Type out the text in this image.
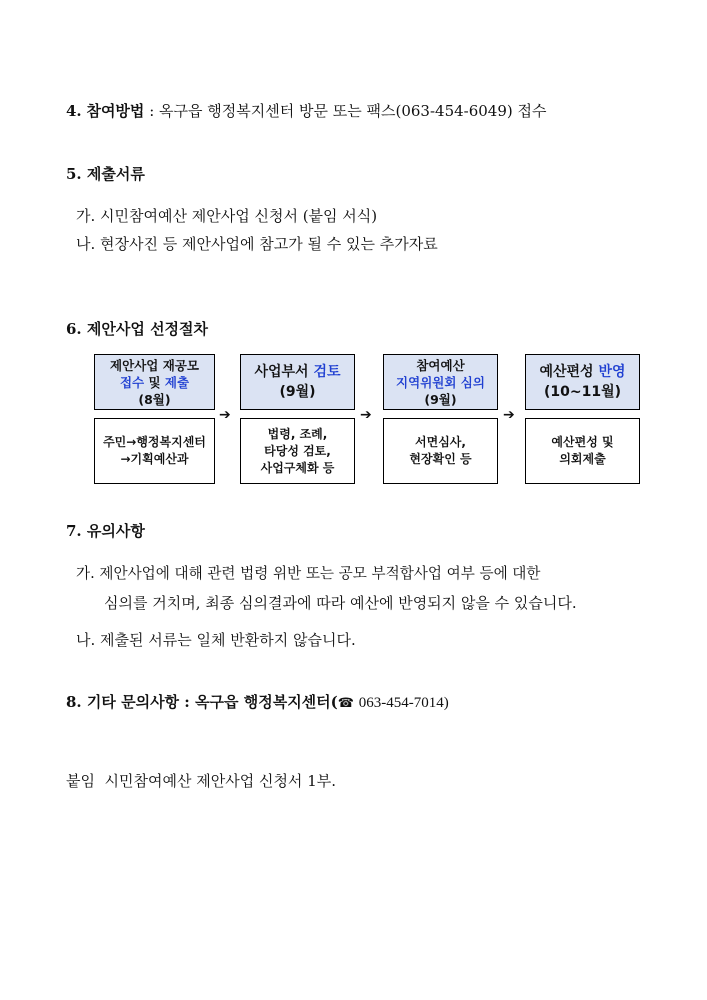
4. 참여방법 : 옥구읍 행정복지센터 방문 또는 팩스(063-454-6049) 접수
5. 제출서류
가. 시민참여예산 제안사업 신청서 (붙임 서식)
나. 현장사진 등 제안사업에 참고가 될 수 있는 추가자료
6. 제안사업 선정절차
제안사업 재공모
접수 및 제출
(8월)
주민→행정복지센터
→기획예산과
➔
사업부서 검토
(9월)
법령, 조례,
타당성 검토,
사업구체화 등
➔
참여예산
지역위원회 심의
(9월)
서면심사,
현장확인 등
➔
예산편성 반영
(10~11월)
예산편성 및
의회제출
7. 유의사항
가. 제안사업에 대해 관련 법령 위반 또는 공모 부적합사업 여부 등에 대한
심의를 거치며, 최종 심의결과에 따라 예산에 반영되지 않을 수 있습니다.
나. 제출된 서류는 일체 반환하지 않습니다.
8. 기타 문의사항 : 옥구읍 행정복지센터(☎ 063-454-7014)
붙임  시민참여예산 제안사업 신청서 1부.
